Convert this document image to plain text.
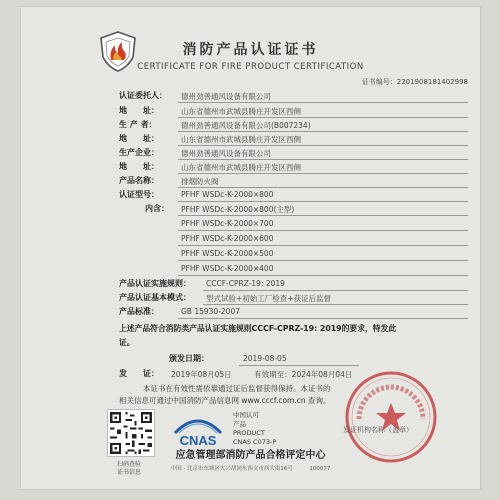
消防产品认证证书
CERTIFICATE FOR FIRE PRODUCT CERTIFICATION
证书编号：2201908181402998
认证委托人： 德州劲善通风设备有限公司
地　　址：	山东省德州市武城县腾庄开发区西侧
生 产 者：	德州劲善通风设备有限公司(B007234)
地　　址：	山东省德州市武城县腾庄开发区西侧
生产企业：	德州劲善通风设备有限公司
地　　址：	山东省德州市武城县腾庄开发区西侧
产品名称：	排烟防火阀
认证型号：	PFHF WSDc-K-2000×800
内含： PFHF WSDc-K-2000×800(主型)
PFHF WSDc-K-2000×700
PFHF WSDc-K-2000×600
PFHF WSDc-K-2000×500
PFHF WSDc-K-2000×400
产品认证实施规则： CCCF-CPRZ-19: 2019
产品认证基本模式： 型式试验+初始工厂检查+获证后监督
产品标准：	GB 15930-2007
上述产品符合消防类产品认证实施规则CCCF-CPRZ-19: 2019的要求，特发此
证。
颁发日期：	2019-08-05
发　　证： 2019年08月05日　　　有效期至：2024年08月04日
本证书在有效性需依靠通过证后监督获得保持。本证书的
相关信息可通过中国消防产品信息网 www.cccf.com.cn 查询。
扫码查验
证书信息
CNAS
中国认可
产品
PRODUCT
CNAS C073-P
发证机构名称（盖章）
应急管理部消防产品合格评定中心
中国 · 北京市东城区大兴胡同东西文市西大街16号　　　100077
